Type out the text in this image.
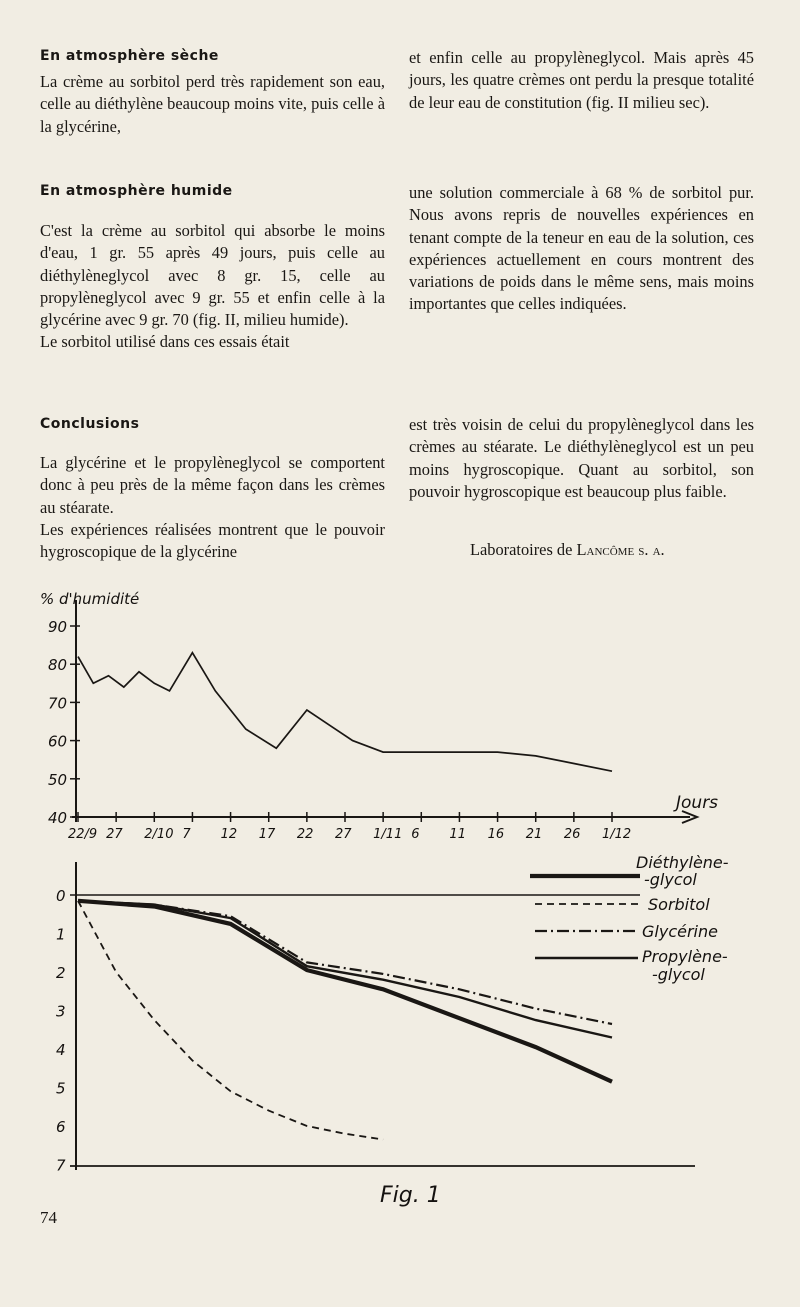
En atmosphère sèche

La crème au sorbitol perd très rapidement son eau, celle au diéthylène beaucoup moins vite, puis celle à la glycérine,

et enfin celle au propylèneglycol. Mais après 45 jours, les quatre crèmes ont perdu la presque totalité de leur eau de constitution (fig. II milieu sec).

En atmosphère humide

C'est la crème au sorbitol qui absorbe le moins d'eau, 1 gr. 55 après 49 jours, puis celle au diéthylèneglycol avec 8 gr. 15, celle au propylèneglycol avec 9 gr. 55 et enfin celle à la glycérine avec 9 gr. 70 (fig. II, milieu humide).

Le sorbitol utilisé dans ces essais était

une solution commerciale à 68 % de sorbitol pur. Nous avons repris de nouvelles expériences en tenant compte de la teneur en eau de la solution, ces expériences actuellement en cours montrent des variations de poids dans le même sens, mais moins importantes que celles indiquées.

Conclusions

La glycérine et le propylèneglycol se comportent donc à peu près de la même façon dans les crèmes au stéarate.

Les expériences réalisées montrent que le pouvoir hygroscopique de la glycérine

est très voisin de celui du propylèneglycol dans les crèmes au stéarate. Le diéthylèneglycol est un peu moins hygroscopique. Quant au sorbitol, son pouvoir hygroscopique est beaucoup plus faible.

Laboratoires de Lancôme s. a.
% d'humidité
90
80
70
60
50
40
22/9 27 2/10 7 12 17 22 27 1/11 6 11 16 21 26 1/12
Jours
0
1
2
3
4
5
6
7
Diéthylène-
-glycol
Sorbitol
Glycérine
Propylène-
-glycol
Fig. 1
74
